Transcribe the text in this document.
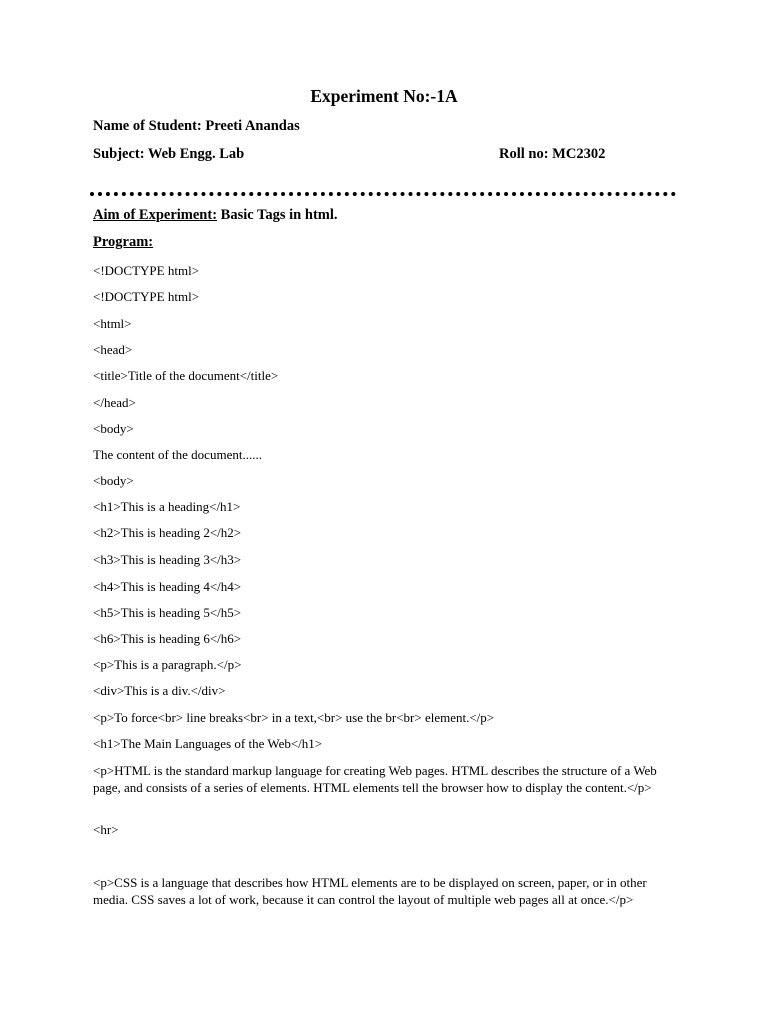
Experiment No:-1A
Name of Student: Preeti Anandas
Subject: Web Engg. Lab	Roll no: MC2302
Aim of Experiment: Basic Tags in html.
Program:
<!DOCTYPE html>
<!DOCTYPE html>
<html>
<head>
<title>Title of the document</title>
</head>
<body>
The content of the document......
<body>
<h1>This is a heading</h1>
<h2>This is heading 2</h2>
<h3>This is heading 3</h3>
<h4>This is heading 4</h4>
<h5>This is heading 5</h5>
<h6>This is heading 6</h6>
<p>This is a paragraph.</p>
<div>This is a div.</div>
<p>To force<br> line breaks<br> in a text,<br> use the br<br> element.</p>
<h1>The Main Languages of the Web</h1>
<p>HTML is the standard markup language for creating Web pages. HTML describes the structure of a Web page, and consists of a series of elements. HTML elements tell the browser how to display the content.</p>
<hr>
<p>CSS is a language that describes how HTML elements are to be displayed on screen, paper, or in other media. CSS saves a lot of work, because it can control the layout of multiple web pages all at once.</p>
